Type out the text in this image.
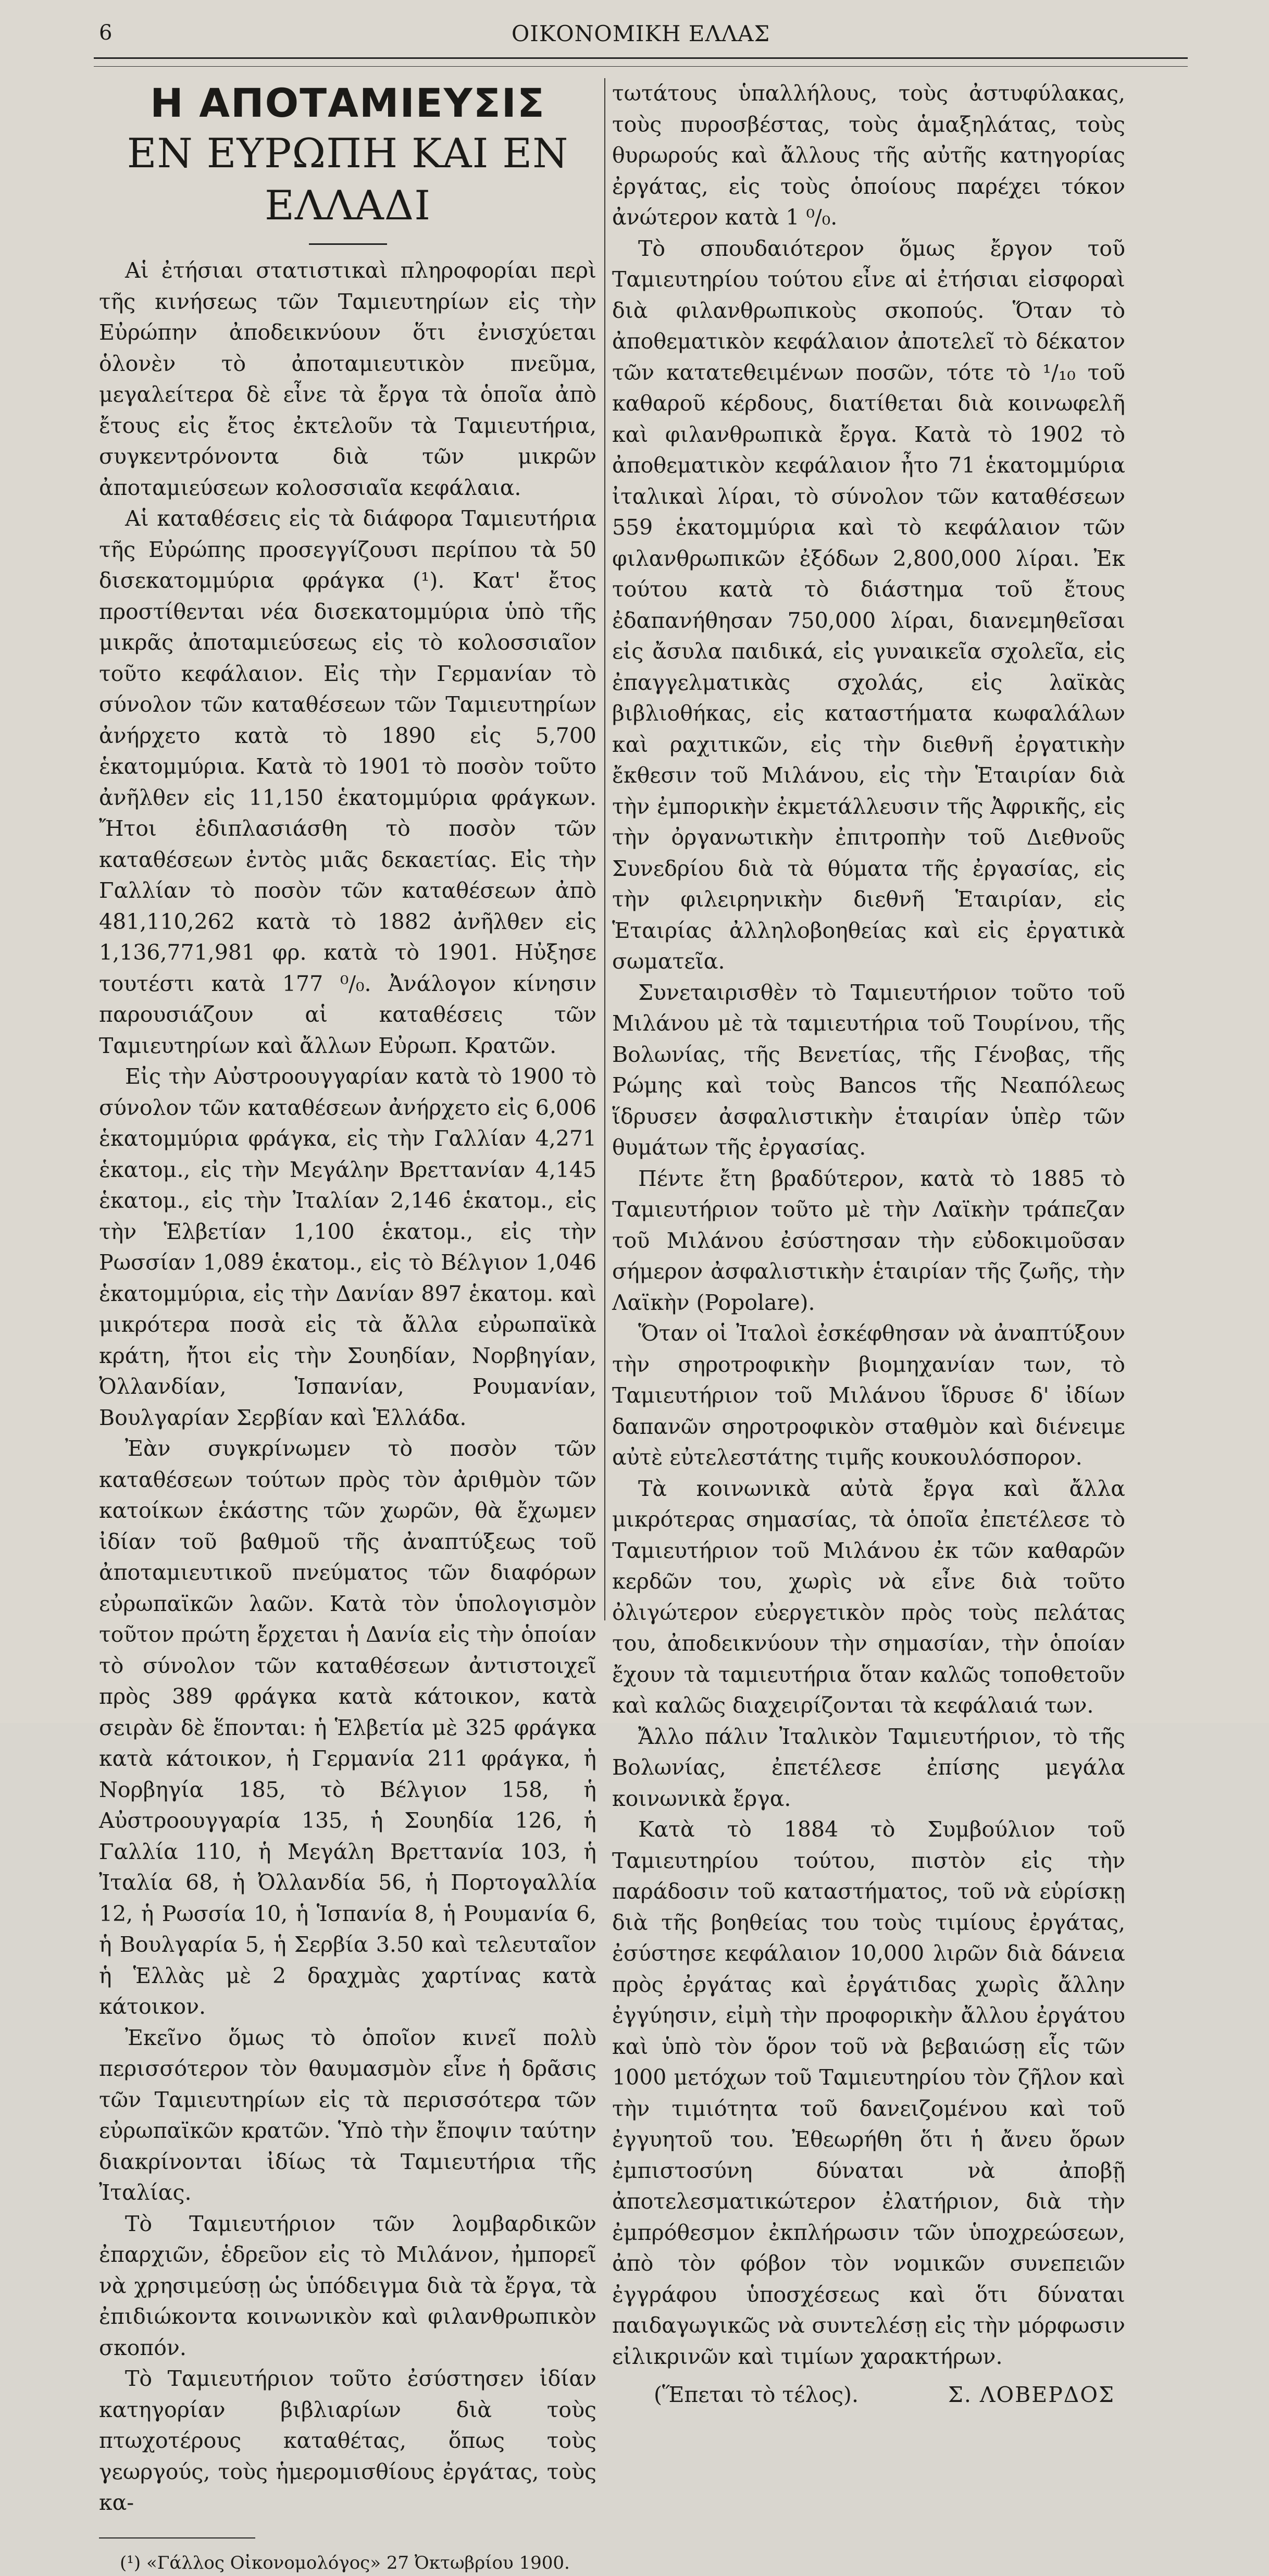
6	ΟΙΚΟΝΟΜΙΚΗ ΕΛΛΑΣ
Η ΑΠΟΤΑΜΙΕΥΣΙΣ
ΕΝ ΕΥΡΩΠΗ ΚΑΙ ΕΝ ΕΛΛΑΔΙ

Αἱ ἐτήσιαι στατιστικαὶ πληροφορίαι περὶ τῆς κινήσεως τῶν Ταμιευτηρίων εἰς τὴν Εὐρώπην ἀποδεικνύουν ὅτι ἐνισχύεται ὁλονὲν τὸ ἀποταμιευτικὸν πνεῦμα, μεγαλείτερα δὲ εἶνε τὰ ἔργα τὰ ὁποῖα ἀπὸ ἔτους εἰς ἔτος ἐκτελοῦν τὰ Ταμιευτήρια, συγκεντρόνοντα διὰ τῶν μικρῶν ἀποταμιεύσεων κολοσσιαῖα κεφάλαια.

Αἱ καταθέσεις εἰς τὰ διάφορα Ταμιευτήρια τῆς Εὐρώπης προσεγγίζουσι περίπου τὰ 50 δισεκατομμύρια φράγκα (¹). Κατ' ἔτος προστίθενται νέα δισεκατομμύρια ὑπὸ τῆς μικρᾶς ἀποταμιεύσεως εἰς τὸ κολοσσιαῖον τοῦτο κεφάλαιον. Εἰς τὴν Γερμανίαν τὸ σύνολον τῶν καταθέσεων τῶν Ταμιευτηρίων ἀνήρχετο κατὰ τὸ 1890 εἰς 5,700 ἑκατομμύρια. Κατὰ τὸ 1901 τὸ ποσὸν τοῦτο ἀνῆλθεν εἰς 11,150 ἑκατομμύρια φράγκων. Ἤτοι ἐδιπλασιάσθη τὸ ποσὸν τῶν καταθέσεων ἐντὸς μιᾶς δεκαετίας. Εἰς τὴν Γαλλίαν τὸ ποσὸν τῶν καταθέσεων ἀπὸ 481,110,262 κατὰ τὸ 1882 ἀνῆλθεν εἰς 1,136,771,981 φρ. κατὰ τὸ 1901. Ηὐξησε τουτέστι κατὰ 177 ⁰/₀. Ἀνάλογον κίνησιν παρουσιάζουν αἱ καταθέσεις τῶν Ταμιευτηρίων καὶ ἄλλων Εὐρωπ. Κρατῶν.

Εἰς τὴν Αὐστροουγγαρίαν κατὰ τὸ 1900 τὸ σύνολον τῶν καταθέσεων ἀνήρχετο εἰς 6,006 ἑκατομμύρια φράγκα, εἰς τὴν Γαλλίαν 4,271 ἑκατομ., εἰς τὴν Μεγάλην Βρεττανίαν 4,145 ἑκατομ., εἰς τὴν Ἰταλίαν 2,146 ἑκατομ., εἰς τὴν Ἑλβετίαν 1,100 ἑκατομ., εἰς τὴν Ρωσσίαν 1,089 ἑκατομ., εἰς τὸ Βέλγιον 1,046 ἑκατομμύρια, εἰς τὴν Δανίαν 897 ἑκατομ. καὶ μικρότερα ποσὰ εἰς τὰ ἄλλα εὐρωπαϊκὰ κράτη, ἤτοι εἰς τὴν Σουηδίαν, Νορβηγίαν, Ὀλλανδίαν, Ἱσπανίαν, Ρουμανίαν, Βουλγαρίαν Σερβίαν καὶ Ἑλλάδα.

Ἐὰν συγκρίνωμεν τὸ ποσὸν τῶν καταθέσεων τούτων πρὸς τὸν ἀριθμὸν τῶν κατοίκων ἑκάστης τῶν χωρῶν, θὰ ἔχωμεν ἰδίαν τοῦ βαθμοῦ τῆς ἀναπτύξεως τοῦ ἀποταμιευτικοῦ πνεύματος τῶν διαφόρων εὐρωπαϊκῶν λαῶν. Κατὰ τὸν ὑπολογισμὸν τοῦτον πρώτη ἔρχεται ἡ Δανία εἰς τὴν ὁποίαν τὸ σύνολον τῶν καταθέσεων ἀντιστοιχεῖ πρὸς 389 φράγκα κατὰ κάτοικον, κατὰ σειρὰν δὲ ἕπονται: ἡ Ἑλβετία μὲ 325 φράγκα κατὰ κάτοικον, ἡ Γερμανία 211 φράγκα, ἡ Νορβηγία 185, τὸ Βέλγιον 158, ἡ Αὐστροουγγαρία 135, ἡ Σουηδία 126, ἡ Γαλλία 110, ἡ Μεγάλη Βρεττανία 103, ἡ Ἰταλία 68, ἡ Ὀλλανδία 56, ἡ Πορτογαλλία 12, ἡ Ρωσσία 10, ἡ Ἱσπανία 8, ἡ Ρουμανία 6, ἡ Βουλγαρία 5, ἡ Σερβία 3.50 καὶ τελευταῖον ἡ Ἑλλὰς μὲ 2 δραχμὰς χαρτίνας κατὰ κάτοικον.

Ἐκεῖνο ὅμως τὸ ὁποῖον κινεῖ πολὺ περισσότερον τὸν θαυμασμὸν εἶνε ἡ δρᾶσις τῶν Ταμιευτηρίων εἰς τὰ περισσότερα τῶν εὐρωπαϊκῶν κρατῶν. Ὑπὸ τὴν ἔποψιν ταύτην διακρίνονται ἰδίως τὰ Ταμιευτήρια τῆς Ἰταλίας.

Τὸ Ταμιευτήριον τῶν λομβαρδικῶν ἐπαρχιῶν, ἑδρεῦον εἰς τὸ Μιλάνον, ἠμπορεῖ νὰ χρησιμεύσῃ ὡς ὑπόδειγμα διὰ τὰ ἔργα, τὰ ἐπιδιώκοντα κοινωνικὸν καὶ φιλανθρωπικὸν σκοπόν.

Τὸ Ταμιευτήριον τοῦτο ἐσύστησεν ἰδίαν κατηγορίαν βιβλιαρίων διὰ τοὺς πτωχοτέρους καταθέτας, ὅπως τοὺς γεωργούς, τοὺς ἡμερομισθίους ἐργάτας, τοὺς κα-

(¹) «Γάλλος Οἰκονομολόγος» 27 Ὀκτωβρίου 1900.

τωτάτους ὑπαλλήλους, τοὺς ἀστυφύλακας, τοὺς πυροσβέστας, τοὺς ἁμαξηλάτας, τοὺς θυρωρούς καὶ ἄλλους τῆς αὐτῆς κατηγορίας ἐργάτας, εἰς τοὺς ὁποίους παρέχει τόκον ἀνώτερον κατὰ 1 ⁰/₀.

Τὸ σπουδαιότερον ὅμως ἔργον τοῦ Ταμιευτηρίου τούτου εἶνε αἱ ἐτήσιαι εἰσφοραὶ διὰ φιλανθρωπικοὺς σκοπούς. Ὅταν τὸ ἀποθεματικὸν κεφάλαιον ἀποτελεῖ τὸ δέκατον τῶν κατατεθειμένων ποσῶν, τότε τὸ ¹/₁₀ τοῦ καθαροῦ κέρδους, διατίθεται διὰ κοινωφελῆ καὶ φιλανθρωπικὰ ἔργα. Κατὰ τὸ 1902 τὸ ἀποθεματικὸν κεφάλαιον ἦτο 71 ἑκατομμύρια ἰταλικαὶ λίραι, τὸ σύνολον τῶν καταθέσεων 559 ἑκατομμύρια καὶ τὸ κεφάλαιον τῶν φιλανθρωπικῶν ἐξόδων 2,800,000 λίραι. Ἐκ τούτου κατὰ τὸ διάστημα τοῦ ἔτους ἐδαπανήθησαν 750,000 λίραι, διανεμηθεῖσαι εἰς ἄσυλα παιδικά, εἰς γυναικεῖα σχολεῖα, εἰς ἐπαγγελματικὰς σχολάς, εἰς λαϊκὰς βιβλιοθήκας, εἰς καταστήματα κωφαλάλων καὶ ραχιτικῶν, εἰς τὴν διεθνῆ ἐργατικὴν ἔκθεσιν τοῦ Μιλάνου, εἰς τὴν Ἑταιρίαν διὰ τὴν ἐμπορικὴν ἐκμετάλλευσιν τῆς Ἀφρικῆς, εἰς τὴν ὀργανωτικὴν ἐπιτροπὴν τοῦ Διεθνοῦς Συνεδρίου διὰ τὰ θύματα τῆς ἐργασίας, εἰς τὴν φιλειρηνικὴν διεθνῆ Ἑταιρίαν, εἰς Ἑταιρίας ἀλληλοβοηθείας καὶ εἰς ἐργατικὰ σωματεῖα.

Συνεταιρισθὲν τὸ Ταμιευτήριον τοῦτο τοῦ Μιλάνου μὲ τὰ ταμιευτήρια τοῦ Τουρίνου, τῆς Βολωνίας, τῆς Βενετίας, τῆς Γένοβας, τῆς Ρώμης καὶ τοὺς Bancos τῆς Νεαπόλεως ἵδρυσεν ἀσφαλιστικὴν ἑταιρίαν ὑπὲρ τῶν θυμάτων τῆς ἐργασίας.

Πέντε ἔτη βραδύτερον, κατὰ τὸ 1885 τὸ Ταμιευτήριον τοῦτο μὲ τὴν Λαϊκὴν τράπεζαν τοῦ Μιλάνου ἐσύστησαν τὴν εὐδοκιμοῦσαν σήμερον ἀσφαλιστικὴν ἑταιρίαν τῆς ζωῆς, τὴν Λαϊκὴν (Popolare).

Ὅταν οἱ Ἰταλοὶ ἐσκέφθησαν νὰ ἀναπτύξουν τὴν σηροτροφικὴν βιομηχανίαν των, τὸ Ταμιευτήριον τοῦ Μιλάνου ἵδρυσε δ' ἰδίων δαπανῶν σηροτροφικὸν σταθμὸν καὶ διένειμε αὐτὲ εὐτελεστάτης τιμῆς κουκουλόσπορον.

Τὰ κοινωνικὰ αὐτὰ ἔργα καὶ ἄλλα μικρότερας σημασίας, τὰ ὁποῖα ἐπετέλεσε τὸ Ταμιευτήριον τοῦ Μιλάνου ἐκ τῶν καθαρῶν κερδῶν του, χωρὶς νὰ εἶνε διὰ τοῦτο ὀλιγώτερον εὐεργετικὸν πρὸς τοὺς πελάτας του, ἀποδεικνύουν τὴν σημασίαν, τὴν ὁποίαν ἔχουν τὰ ταμιευτήρια ὅταν καλῶς τοποθετοῦν καὶ καλῶς διαχειρίζονται τὰ κεφάλαιά των.

Ἄλλο πάλιν Ἰταλικὸν Ταμιευτήριον, τὸ τῆς Βολωνίας, ἐπετέλεσε ἐπίσης μεγάλα κοινωνικὰ ἔργα.

Κατὰ τὸ 1884 τὸ Συμβούλιον τοῦ Ταμιευτηρίου τούτου, πιστὸν εἰς τὴν παράδοσιν τοῦ καταστήματος, τοῦ νὰ εὑρίσκῃ διὰ τῆς βοηθείας του τοὺς τιμίους ἐργάτας, ἐσύστησε κεφάλαιον 10,000 λιρῶν διὰ δάνεια πρὸς ἐργάτας καὶ ἐργάτιδας χωρὶς ἄλλην ἐγγύησιν, εἰμὴ τὴν προφορικὴν ἄλλου ἐργάτου καὶ ὑπὸ τὸν ὅρον τοῦ νὰ βεβαιώσῃ εἷς τῶν 1000 μετόχων τοῦ Ταμιευτηρίου τὸν ζῆλον καὶ τὴν τιμιότητα τοῦ δανειζομένου καὶ τοῦ ἐγγυητοῦ του. Ἐθεωρήθη ὅτι ἡ ἄνευ ὅρων ἐμπιστοσύνη δύναται νὰ ἀποβῇ ἀποτελεσματικώτερον ἐλατήριον, διὰ τὴν ἐμπρόθεσμον ἐκπλήρωσιν τῶν ὑποχρεώσεων, ἀπὸ τὸν φόβον τὸν νομικῶν συνεπειῶν ἐγγράφου ὑποσχέσεως καὶ ὅτι δύναται παιδαγωγικῶς νὰ συντελέσῃ εἰς τὴν μόρφωσιν εἰλικρινῶν καὶ τιμίων χαρακτήρων.

(Ἕπεται τὸ τέλος).	Σ. ΛΟΒΕΡΔΟΣ
